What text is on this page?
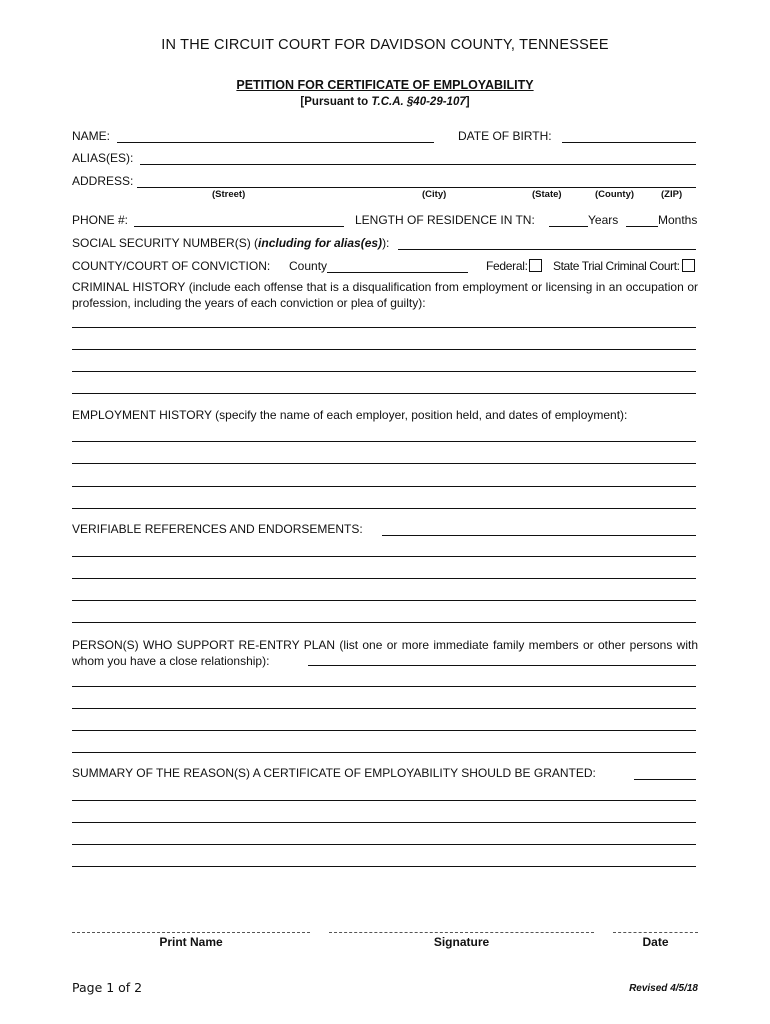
IN THE CIRCUIT COURT FOR DAVIDSON COUNTY, TENNESSEE
PETITION FOR CERTIFICATE OF EMPLOYABILITY
[Pursuant to T.C.A. §40-29-107]
NAME:	DATE OF BIRTH:
ALIAS(ES):
ADDRESS:
(Street)	(City)	(State)	(County)	(ZIP)
PHONE #:	LENGTH OF RESIDENCE IN TN:	Years	Months
SOCIAL SECURITY NUMBER(S) (including for alias(es)):
COUNTY/COURT OF CONVICTION: County	Federal: State Trial Criminal Court:
CRIMINAL HISTORY (include each offense that is a disqualification from employment or licensing in an occupation or profession, including the years of each conviction or plea of guilty):
EMPLOYMENT HISTORY (specify the name of each employer, position held, and dates of employment):
VERIFIABLE REFERENCES AND ENDORSEMENTS:
PERSON(S) WHO SUPPORT RE-ENTRY PLAN (list one or more immediate family members or other persons with whom you have a close relationship):
SUMMARY OF THE REASON(S) A CERTIFICATE OF EMPLOYABILITY SHOULD BE GRANTED:
Print Name	Signature	Date
Page 1 of 2	Revised 4/5/18
